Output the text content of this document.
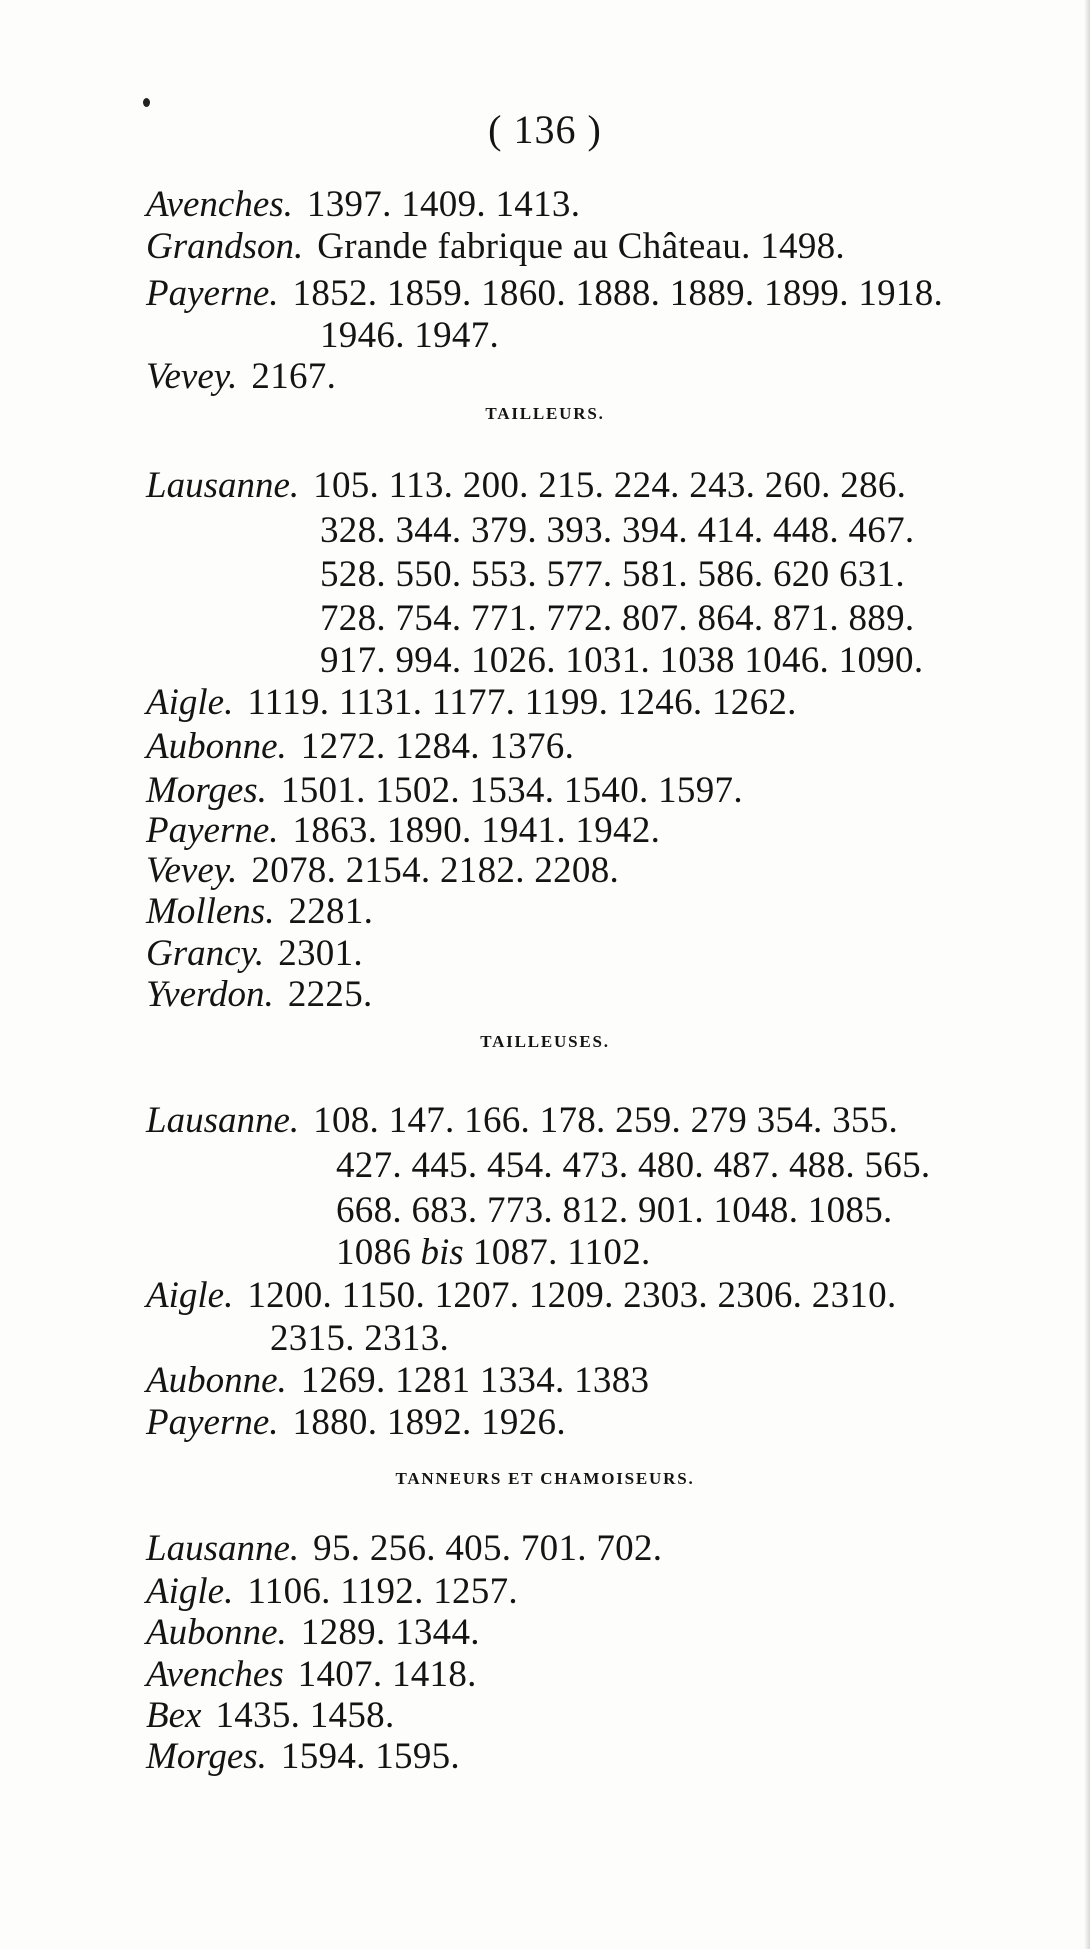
( 136 )
Avenches. 1397. 1409. 1413.
Grandson. Grande fabrique au Château. 1498.
Payerne. 1852. 1859. 1860. 1888. 1889. 1899. 1918.
1946. 1947.
Vevey. 2167.
TAILLEURS.
Lausanne. 105. 113. 200. 215. 224. 243. 260. 286.
328. 344. 379. 393. 394. 414. 448. 467.
528. 550. 553. 577. 581. 586. 620 631.
728. 754. 771. 772. 807. 864. 871. 889.
917. 994. 1026. 1031. 1038 1046. 1090.
Aigle. 1119. 1131. 1177. 1199. 1246. 1262.
Aubonne. 1272. 1284. 1376.
Morges. 1501. 1502. 1534. 1540. 1597.
Payerne. 1863. 1890. 1941. 1942.
Vevey. 2078. 2154. 2182. 2208.
Mollens. 2281.
Grancy. 2301.
Yverdon. 2225.
TAILLEUSES.
Lausanne. 108. 147. 166. 178. 259. 279 354. 355.
427. 445. 454. 473. 480. 487. 488. 565.
668. 683. 773. 812. 901. 1048. 1085.
1086 bis 1087. 1102.
Aigle. 1200. 1150. 1207. 1209. 2303. 2306. 2310.
2315. 2313.
Aubonne. 1269. 1281 1334. 1383
Payerne. 1880. 1892. 1926.
TANNEURS ET CHAMOISEURS.
Lausanne. 95. 256. 405. 701. 702.
Aigle. 1106. 1192. 1257.
Aubonne. 1289. 1344.
Avenches 1407. 1418.
Bex 1435. 1458.
Morges. 1594. 1595.
